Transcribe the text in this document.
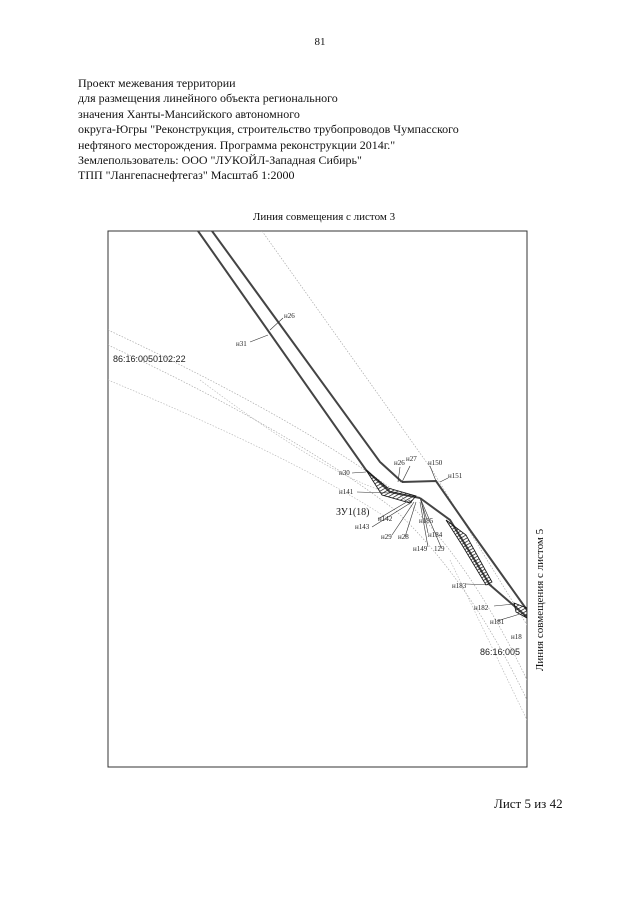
81
Проект межевания территории
для размещения линейного объекта регионального
значения Ханты-Мансийского автономного
округа-Югры "Реконструкция, строительство трубопроводов Чумпасского
нефтяного месторождения. Программа реконструкции 2014г."
Землепользователь: ООО "ЛУКОЙЛ-Западная Сибирь"
ТПП "Лангепаснефтегаз" Масштаб 1:2000
Линия совмещения с листом 3
Линия совмещения с листом 5
86:16:0050102:22
86:16:005
ЗУ1(18)
н26
н31
н30
н141
н142
н143
н29 н28
н149 129
н184
н185
н27
н26	н150
н151
н183
н182
н181
н18
Лист 5 из 42
